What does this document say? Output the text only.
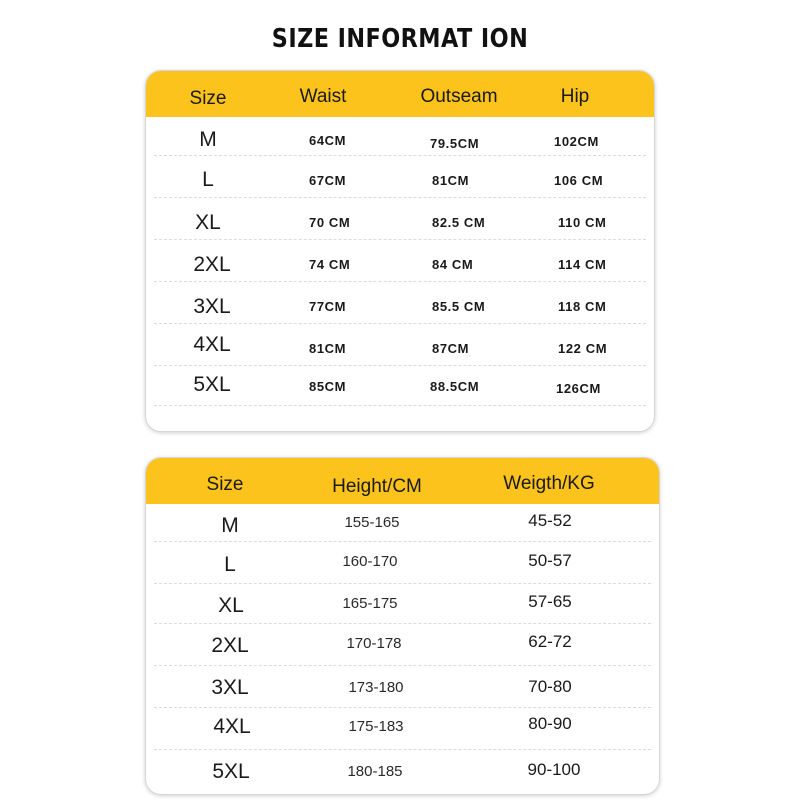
SIZE INFORMAT ION
Size	Waist	Outseam	Hip
M	64CM	79.5CM	102CM
L	67CM	81CM	106 CM
XL	70 CM	82.5 CM	110 CM
2XL	74 CM	84 CM	114 CM
3XL	77CM	85.5 CM	118 CM
4XL	81CM	87CM	122 CM
5XL	85CM	88.5CM	126CM
Size	Height/CM	Weigth/KG
M	155-165	45-52
L	160-170	50-57
XL	165-175	57-65
2XL	170-178	62-72
3XL	173-180	70-80
4XL	175-183	80-90
5XL	180-185	90-100
